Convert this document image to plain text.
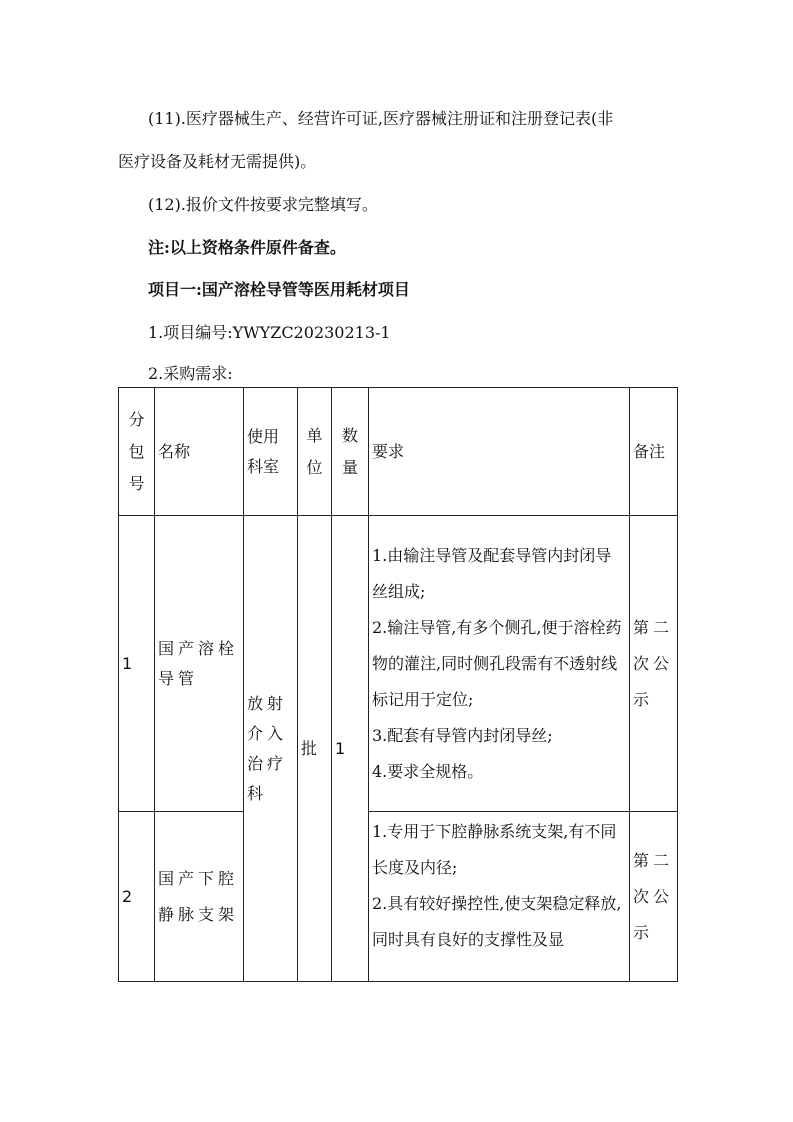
(11).医疗器械生产、经营许可证,医疗器械注册证和注册登记表(非

医疗设备及耗材无需提供)。

(12).报价文件按要求完整填写。

注:以上资格条件原件备查。

项目一:国产溶栓导管等医用耗材项目

1.项目编号:YWYZC20230213-1

2.采购需求:

分包号	名称	使用科室	单位	数量	要求	备注
1	国产溶栓导管	放射介入治疗科	批	1	1.由输注导管及配套导管内封闭导丝组成;
2.输注导管,有多个侧孔,便于溶栓药物的灌注,同时侧孔段需有不透射线标记用于定位;
3.配套有导管内封闭导丝;
4.要求全规格。	第二次公示
2	国产下腔静脉支架				1.专用于下腔静脉系统支架,有不同长度及内径;
2.具有较好操控性,使支架稳定释放,同时具有良好的支撑性及显	第二次公示
